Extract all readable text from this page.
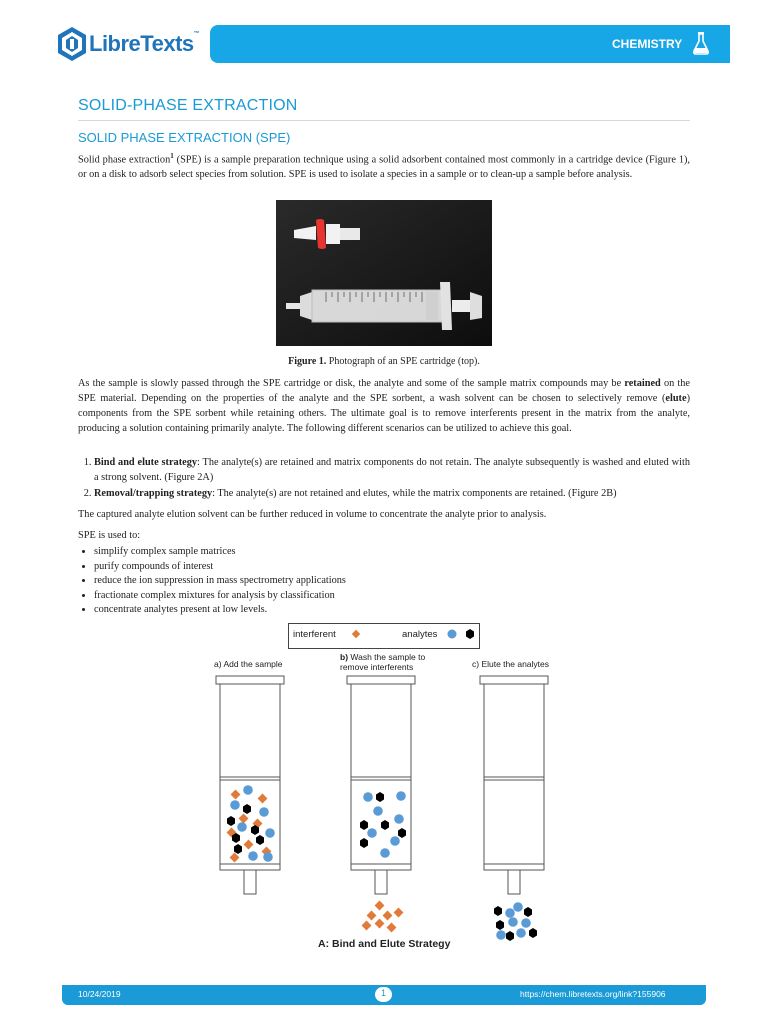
LibreTexts™
CHEMISTRY
SOLID-PHASE EXTRACTION
SOLID PHASE EXTRACTION (SPE)
Solid phase extraction$^1$ (SPE) is a sample preparation technique using a solid adsorbent contained most commonly in a cartridge device (Figure 1), or on a disk to adsorb select species from solution. SPE is used to isolate a species in a sample or to clean-up a sample before analysis.
Figure 1. Photograph of an SPE cartridge (top).
As the sample is slowly passed through the SPE cartridge or disk, the analyte and some of the sample matrix compounds may be retained on the SPE material. Depending on the properties of the analyte and the SPE sorbent, a wash solvent can be chosen to selectively remove (elute) components from the SPE sorbent while retaining others. The ultimate goal is to remove interferents present in the matrix from the analyte, producing a solution containing primarily analyte. The following different scenarios can be utilized to achieve this goal.
1. Bind and elute strategy: The analyte(s) are retained and matrix components do not retain. The analyte subsequently is washed and eluted with a strong solvent. (Figure 2A)
2. Removal/trapping strategy: The analyte(s) are not retained and elutes, while the matrix components are retained. (Figure 2B)
The captured analyte elution solvent can be further reduced in volume to concentrate the analyte prior to analysis.
SPE is used to:
• simplify complex sample matrices
• purify compounds of interest
• reduce the ion suppression in mass spectrometry applications
• fractionate complex mixtures for analysis by classification
• concentrate analytes present at low levels.
interferent	analytes
a) Add the sample
b) Wash the sample to
remove interferents	c) Elute the analytes
A: Bind and Elute Strategy
10/24/2019	1	https://chem.libretexts.org/link?155906
